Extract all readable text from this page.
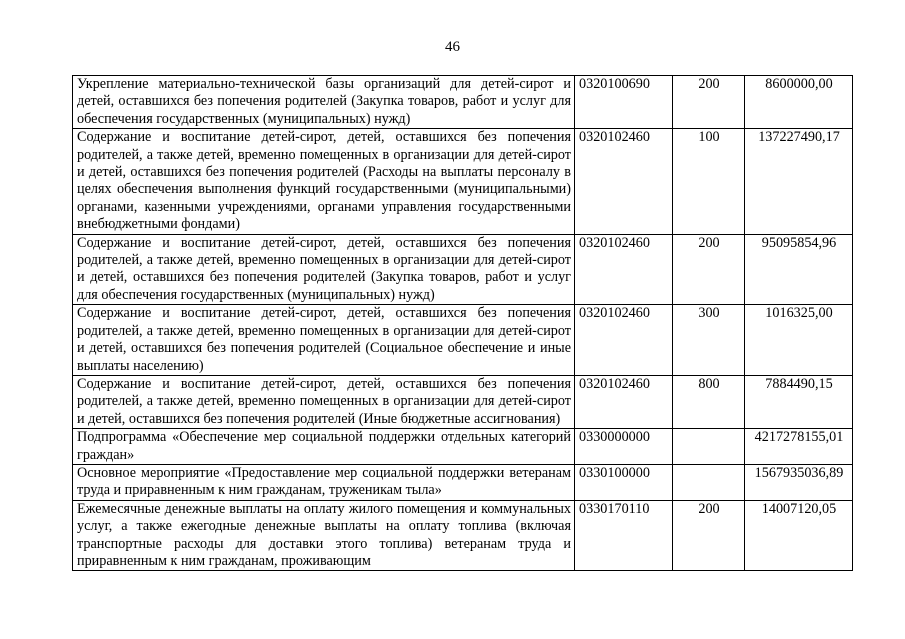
46
Укрепление материально-технической базы организаций для детей-сирот и детей, оставшихся без попечения родителей (Закупка товаров, работ и услуг для обеспечения государственных (муниципальных) нужд)	0320100690	200	8600000,00
Содержание и воспитание детей-сирот, детей, оставшихся без попечения родителей, а также детей, временно помещенных в организации для детей-сирот и детей, оставшихся без попечения родителей (Расходы на выплаты персоналу в целях обеспечения выполнения функций государственными (муниципальными) органами, казенными учреждениями, органами управления государственными внебюджетными фондами)	0320102460	100	137227490,17
Содержание и воспитание детей-сирот, детей, оставшихся без попечения родителей, а также детей, временно помещенных в организации для детей-сирот и детей, оставшихся без попечения родителей (Закупка товаров, работ и услуг для обеспечения государственных (муниципальных) нужд)	0320102460	200	95095854,96
Содержание и воспитание детей-сирот, детей, оставшихся без попечения родителей, а также детей, временно помещенных в организации для детей-сирот и детей, оставшихся без попечения родителей (Социальное обеспечение и иные выплаты населению)	0320102460	300	1016325,00
Содержание и воспитание детей-сирот, детей, оставшихся без попечения родителей, а также детей, временно помещенных в организации для детей-сирот и детей, оставшихся без попечения родителей (Иные бюджетные ассигнования)	0320102460	800	7884490,15
Подпрограмма «Обеспечение мер социальной поддержки отдельных категорий граждан»	0330000000		4217278155,01
Основное мероприятие «Предоставление мер социальной поддержки ветеранам труда и приравненным к ним гражданам, труженикам тыла»	0330100000		1567935036,89
Ежемесячные денежные выплаты на оплату жилого помещения и коммунальных услуг, а также ежегодные денежные выплаты на оплату топлива (включая транспортные расходы для доставки этого топлива) ветеранам труда и приравненным к ним гражданам, проживающим	0330170110	200	14007120,05
